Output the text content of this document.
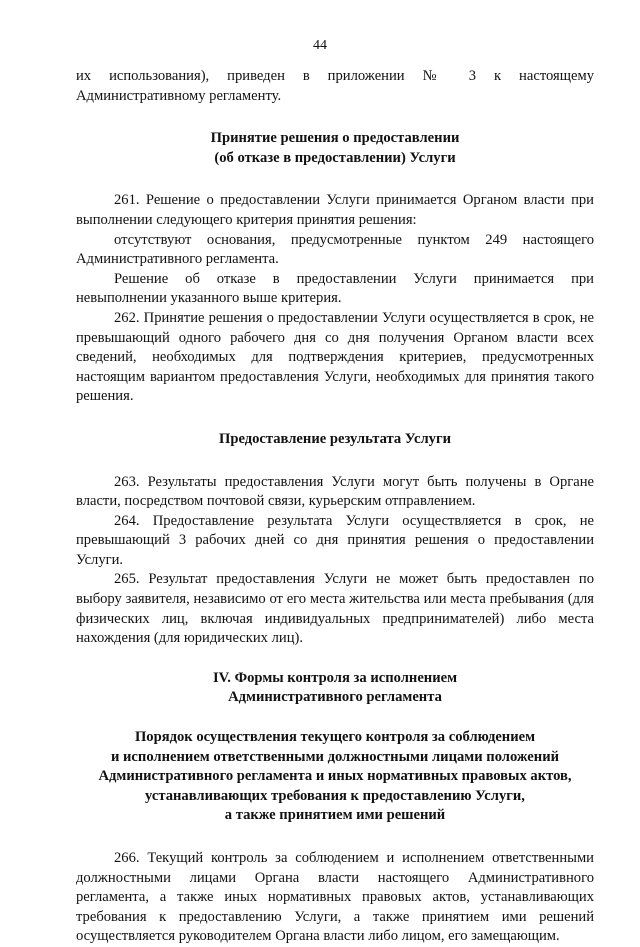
44

их использования), приведен в приложении № 3 к настоящему Административному регламенту.

Принятие решения о предоставлении

(об отказе в предоставлении) Услуги

261. Решение о предоставлении Услуги принимается Органом власти при выполнении следующего критерия принятия решения:

отсутствуют основания, предусмотренные пунктом 249 настоящего Административного регламента.

Решение об отказе в предоставлении Услуги принимается при невыполнении указанного выше критерия.

262. Принятие решения о предоставлении Услуги осуществляется в срок, не превышающий одного рабочего дня со дня получения Органом власти всех сведений, необходимых для подтверждения критериев, предусмотренных настоящим вариантом предоставления Услуги, необходимых для принятия такого решения.

Предоставление результата Услуги

263. Результаты предоставления Услуги могут быть получены в Органе власти, посредством почтовой связи, курьерским отправлением.

264. Предоставление результата Услуги осуществляется в срок, не превышающий 3 рабочих дней со дня принятия решения о предоставлении Услуги.

265. Результат предоставления Услуги не может быть предоставлен по выбору заявителя, независимо от его места жительства или места пребывания (для физических лиц, включая индивидуальных предпринимателей) либо места нахождения (для юридических лиц).

IV. Формы контроля за исполнением

Административного регламента

Порядок осуществления текущего контроля за соблюдением

и исполнением ответственными должностными лицами положений

Административного регламента и иных нормативных правовых актов,

устанавливающих требования к предоставлению Услуги,

а также принятием ими решений

266. Текущий контроль за соблюдением и исполнением ответственными должностными лицами Органа власти настоящего Административного регламента, а также иных нормативных правовых актов, устанавливающих требования к предоставлению Услуги, а также принятием ими решений осуществляется руководителем Органа власти либо лицом, его замещающим.
